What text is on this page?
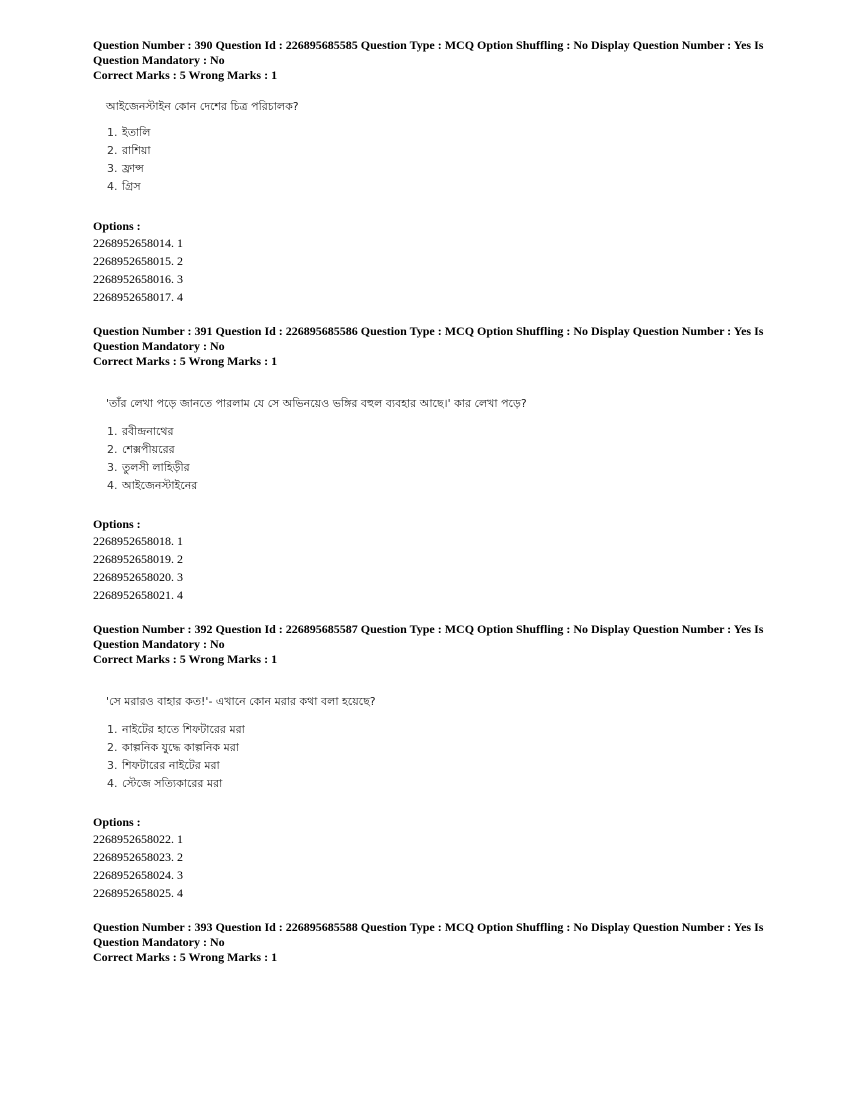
Question Number : 390 Question Id : 226895685585 Question Type : MCQ Option Shuffling : No Display Question Number : Yes Is Question Mandatory : No

Correct Marks : 5 Wrong Marks : 1

আইজেনস্টাইন কোন দেশের চিত্র পরিচালক?
1. ইতালি
2. রাশিয়া
3. ফ্রান্স
4. গ্রিস
Options :
2268952658014. 1
2268952658015. 2
2268952658016. 3
2268952658017. 4

Question Number : 391 Question Id : 226895685586 Question Type : MCQ Option Shuffling : No Display Question Number : Yes Is Question Mandatory : No

Correct Marks : 5 Wrong Marks : 1

'তাঁর লেখা পড়ে জানতে পারলাম যে সে অভিনয়েও ভঙ্গির বহুল ব্যবহার আছে।' কার লেখা পড়ে?
1. রবীন্দ্রনাথের
2. শেক্সপীয়রের
3. তুলসী লাহিড়ীর
4. আইজেনস্টাইনের
Options :
2268952658018. 1
2268952658019. 2
2268952658020. 3
2268952658021. 4

Question Number : 392 Question Id : 226895685587 Question Type : MCQ Option Shuffling : No Display Question Number : Yes Is Question Mandatory : No

Correct Marks : 5 Wrong Marks : 1

'সে মরারও বাহার কত!'- এখানে কোন মরার কথা বলা হয়েছে?
1. নাইটের হাতে শিফটারের মরা
2. কাল্পনিক যুদ্ধে কাল্পনিক মরা
3. শিফটারের নাইটের মরা
4. স্টেজে সত্যিকারের মরা
Options :
2268952658022. 1
2268952658023. 2
2268952658024. 3
2268952658025. 4

Question Number : 393 Question Id : 226895685588 Question Type : MCQ Option Shuffling : No Display Question Number : Yes Is Question Mandatory : No

Correct Marks : 5 Wrong Marks : 1
